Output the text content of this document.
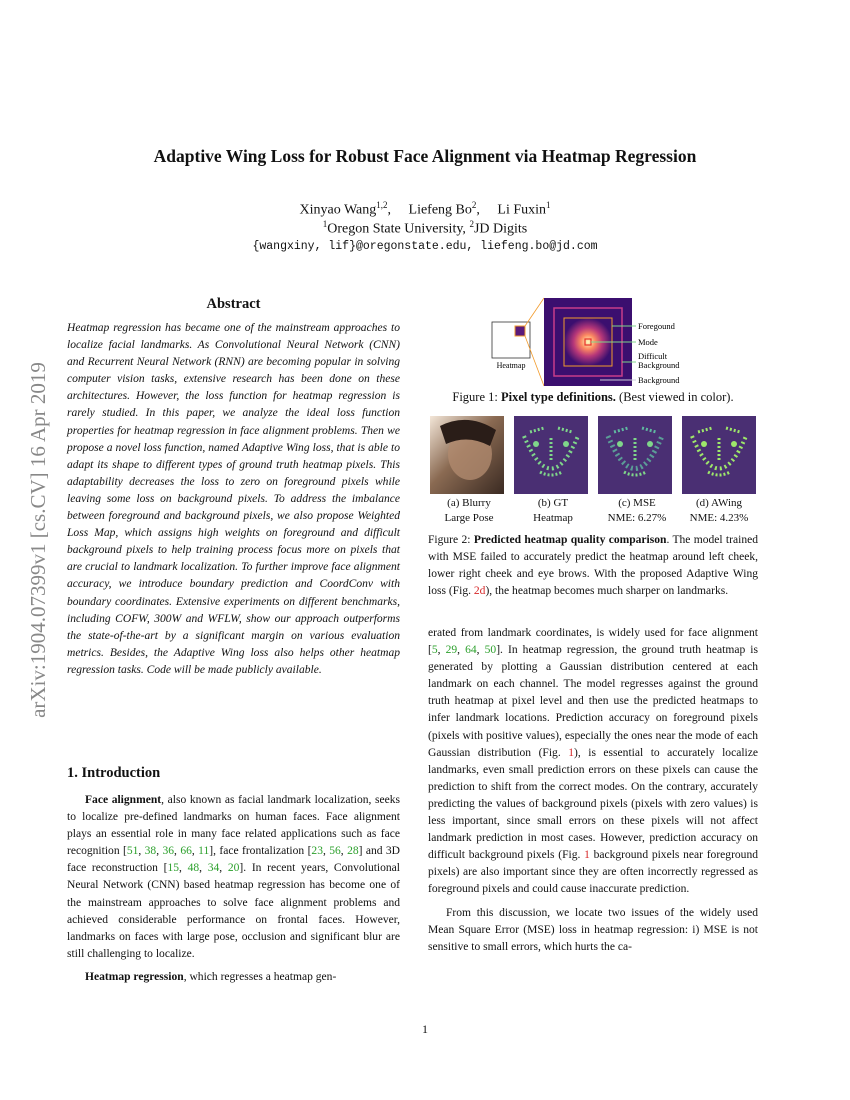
Adaptive Wing Loss for Robust Face Alignment via Heatmap Regression
Xinyao Wang$^{1,2}$, Liefeng Bo$^2$, Li Fuxin$^1$
$^1$Oregon State University, $^2$JD Digits
{wangxiny, lif}@oregonstate.edu, liefeng.bo@jd.com
arXiv:1904.07399v1 [cs.CV] 16 Apr 2019
Abstract
Heatmap regression has became one of the mainstream approaches to localize facial landmarks. As Convolutional Neural Network (CNN) and Recurrent Neural Network (RNN) are becoming popular in solving computer vision tasks, extensive research has been done on these architectures. However, the loss function for heatmap regression is rarely studied. In this paper, we analyze the ideal loss function properties for heatmap regression in face alignment problems. Then we propose a novel loss function, named Adaptive Wing loss, that is able to adapt its shape to different types of ground truth heatmap pixels. This adaptability decreases the loss to zero on foreground pixels while leaving some loss on background pixels. To address the imbalance between foreground and background pixels, we also propose Weighted Loss Map, which assigns high weights on foreground and difficult background pixels to help training process focus more on pixels that are crucial to landmark localization. To further improve face alignment accuracy, we introduce boundary prediction and CoordConv with boundary coordinates. Extensive experiments on different benchmarks, including COFW, 300W and WFLW, show our approach outperforms the state-of-the-art by a significant margin on various evaluation metrics. Besides, the Adaptive Wing loss also helps other heatmap regression tasks. Code will be made publicly available.
1. Introduction

Face alignment, also known as facial landmark localization, seeks to localize pre-defined landmarks on human faces. Face alignment plays an essential role in many face related applications such as face recognition [51, 38, 36, 66, 11], face frontalization [23, 56, 28] and 3D face reconstruction [15, 48, 34, 20]. In recent years, Convolutional Neural Network (CNN) based heatmap regression has become one of the mainstream approaches to solve face alignment problems and achieved considerable performance on frontal faces. However, landmarks on faces with large pose, occlusion and significant blur are still challenging to localize.

Heatmap regression, which regresses a heatmap gen-

Heatmap
Foregound
Mode
Difficult
Background
Background
Figure 1: Pixel type definitions. (Best viewed in color).
(a) Blurry
Large Pose
(b) GT
Heatmap
(c) MSE
NME: 6.27%
(d) AWing
NME: 4.23%
Figure 2: Predicted heatmap quality comparison. The model trained with MSE failed to accurately predict the heatmap around left cheek, lower right cheek and eye brows. With the proposed Adaptive Wing loss (Fig. 2d), the heatmap becomes much sharper on landmarks.

erated from landmark coordinates, is widely used for face alignment [5, 29, 64, 50]. In heatmap regression, the ground truth heatmap is generated by plotting a Gaussian distribution centered at each landmark on each channel. The model regresses against the ground truth heatmap at pixel level and then use the predicted heatmaps to infer landmark locations. Prediction accuracy on foreground pixels (pixels with positive values), especially the ones near the mode of each Gaussian distribution (Fig. 1), is essential to accurately localize landmarks, even small prediction errors on these pixels can cause the prediction to shift from the correct modes. On the contrary, accurately predicting the values of background pixels (pixels with zero values) is less important, since small errors on these pixels will not affect landmark prediction in most cases. However, prediction accuracy on difficult background pixels (Fig. 1 background pixels near foreground pixels) are also important since they are often incorrectly regressed as foreground pixels and could cause inaccurate prediction.

From this discussion, we locate two issues of the widely used Mean Square Error (MSE) loss in heatmap regression: i) MSE is not sensitive to small errors, which hurts the ca-

1
